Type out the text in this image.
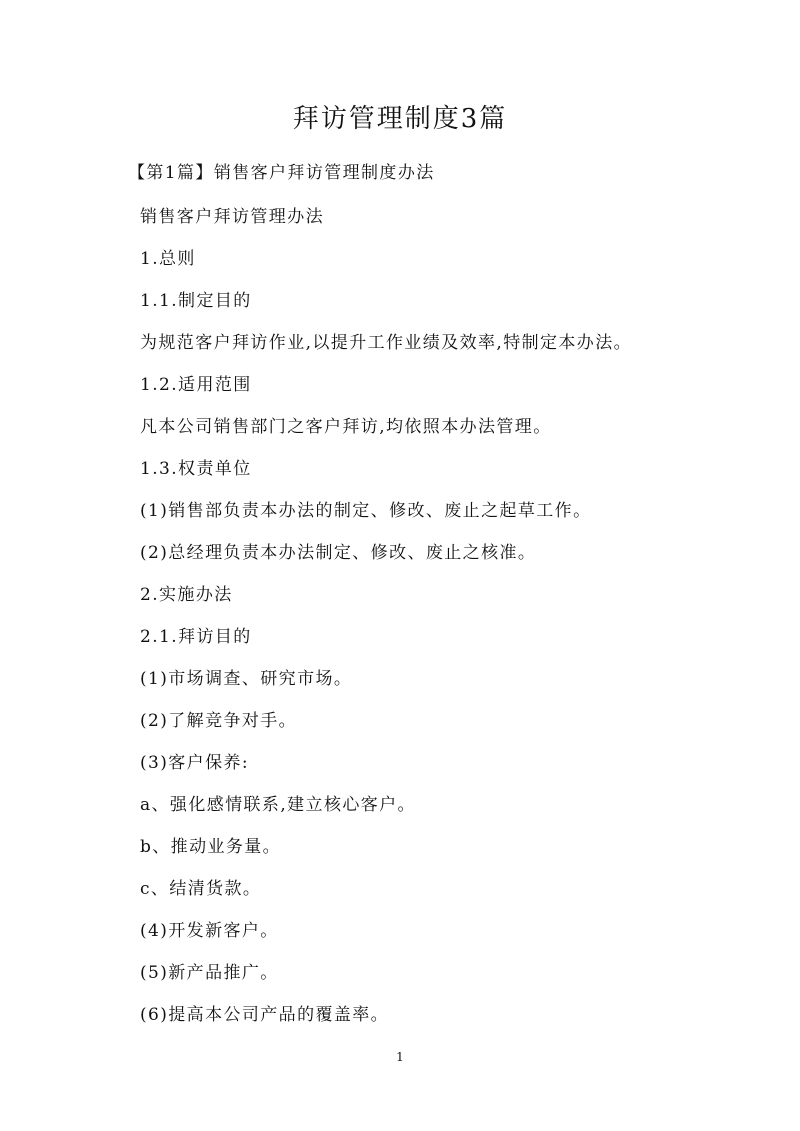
拜访管理制度3篇

【第1篇】销售客户拜访管理制度办法

销售客户拜访管理办法

1.总则

1.1.制定目的

为规范客户拜访作业,以提升工作业绩及效率,特制定本办法。

1.2.适用范围

凡本公司销售部门之客户拜访,均依照本办法管理。

1.3.权责单位

(1)销售部负责本办法的制定、修改、废止之起草工作。

(2)总经理负责本办法制定、修改、废止之核准。

2.实施办法

2.1.拜访目的

(1)市场调查、研究市场。

(2)了解竞争对手。

(3)客户保养:

a、强化感情联系,建立核心客户。

b、推动业务量。

c、结清货款。

(4)开发新客户。

(5)新产品推广。

(6)提高本公司产品的覆盖率。

1
